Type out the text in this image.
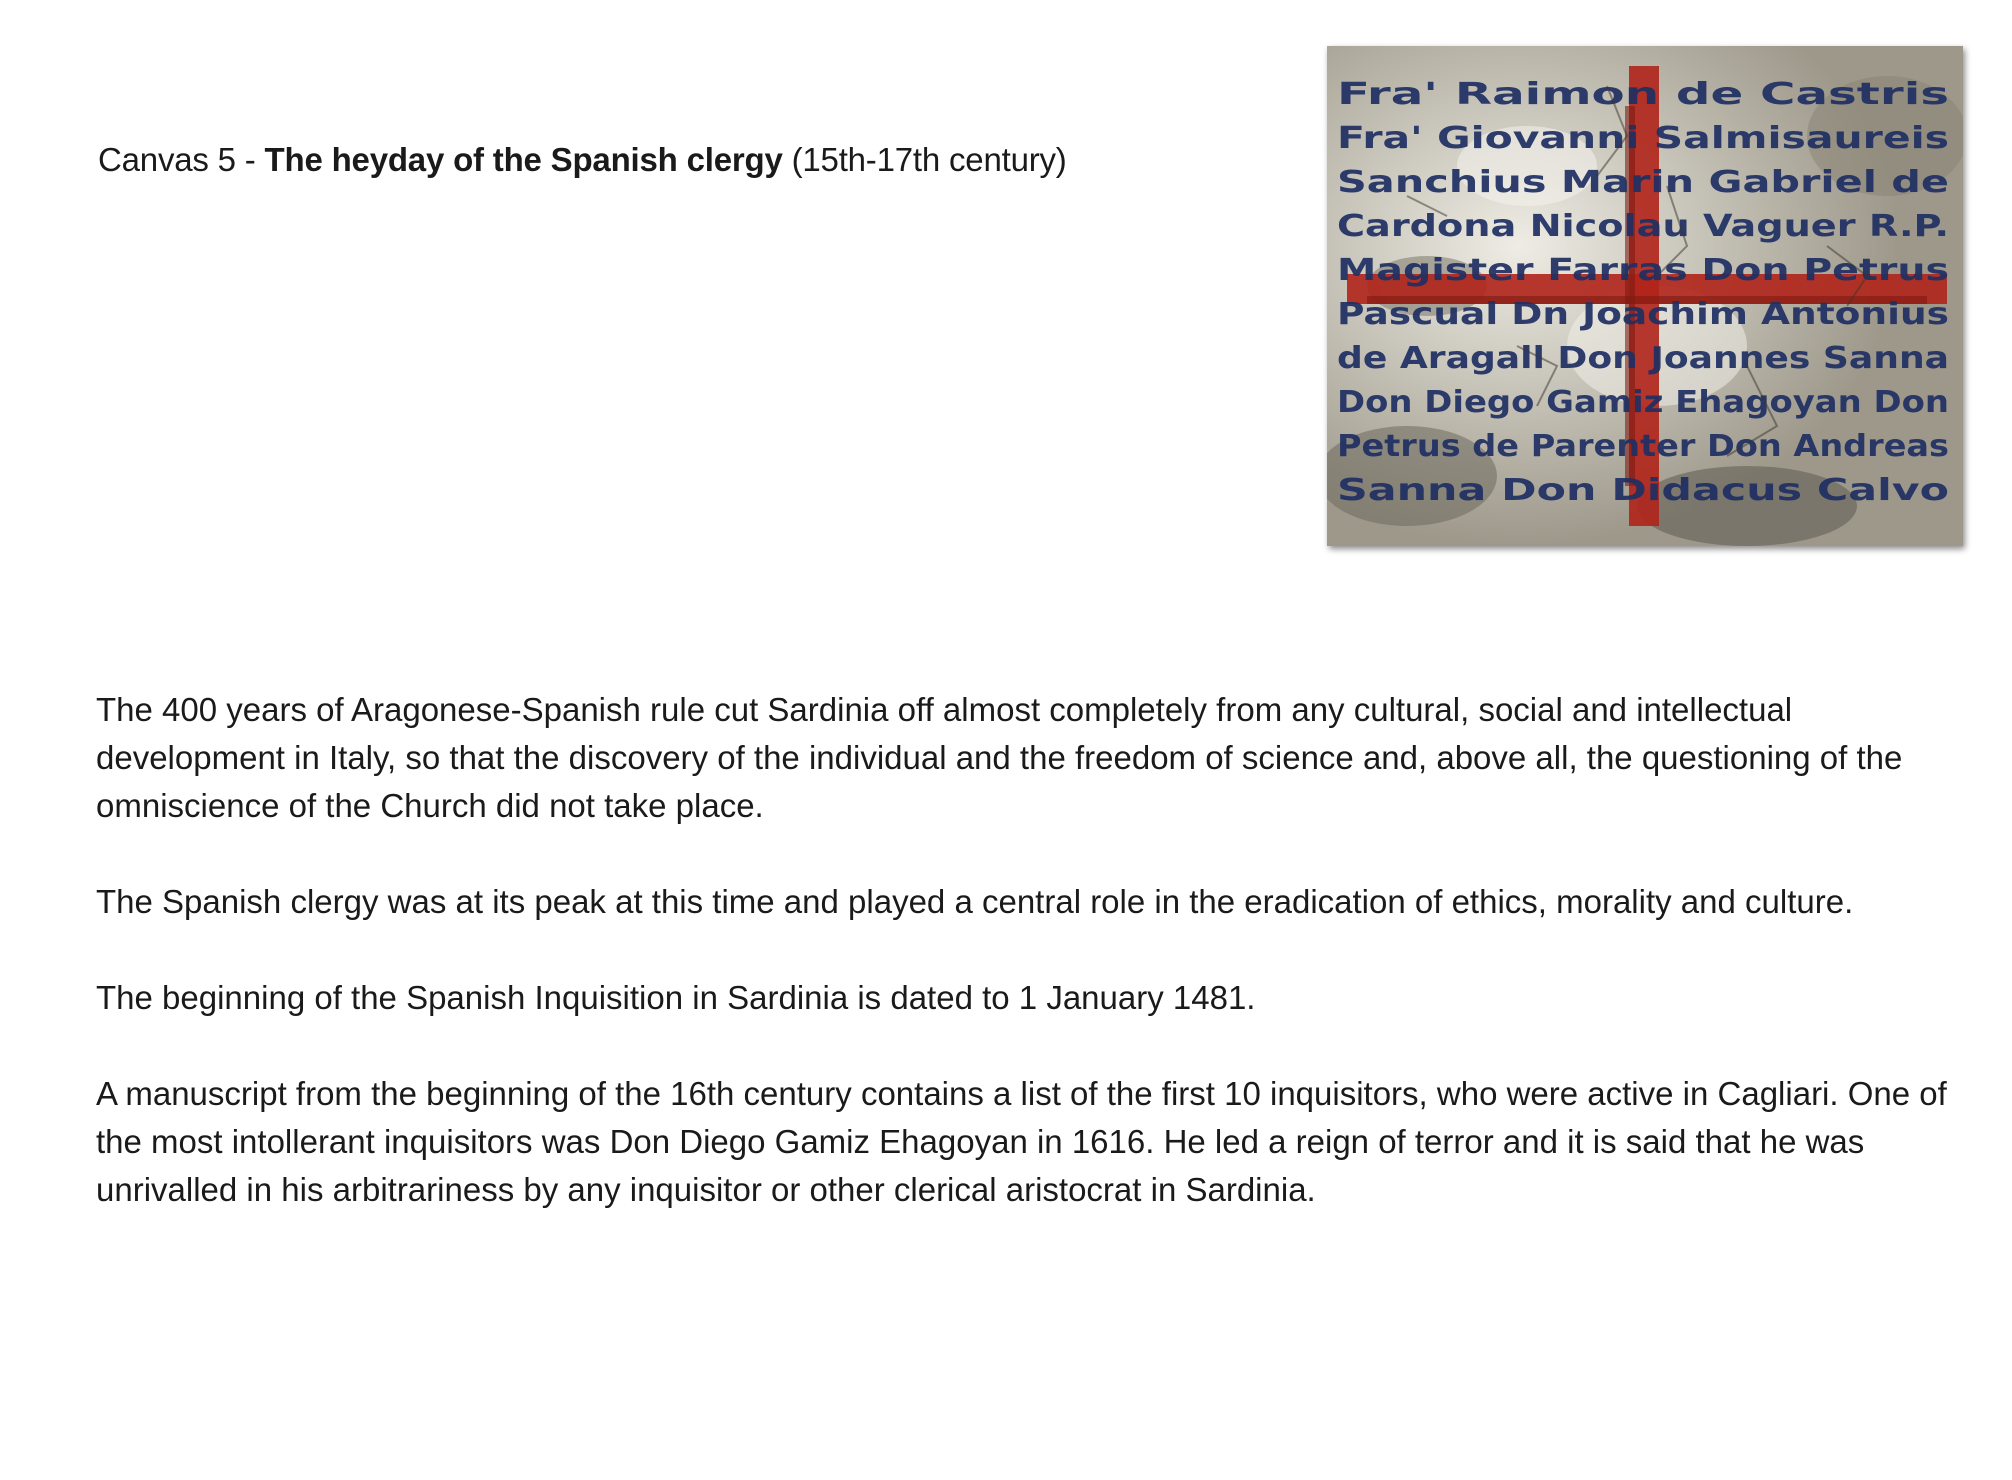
Canvas 5 - The heyday of the Spanish clergy (15th-17th century)
Fra' Raimon de Castris
Fra' Giovanni Salmisaureis
Sanchius Marin Gabriel de
Cardona Nicolau Vaguer R.P.
Magister Farras Don Petrus
Pascual Dn Joachim Antonius
de Aragall Don Joannes Sanna
Don Diego Gamiz Ehagoyan Don
Petrus de Parenter Don Andreas
Sanna Don Didacus Calvo

The 400 years of Aragonese-Spanish rule cut Sardinia off almost completely from any cultural, social and intellectual development in Italy, so that the discovery of the individual and the freedom of science and, above all, the questioning of the omniscience of the Church did not take place.

The Spanish clergy was at its peak at this time and played a central role in the eradication of ethics, morality and culture.

The beginning of the Spanish Inquisition in Sardinia is dated to 1 January 1481.

A manuscript from the beginning of the 16th century contains a list of the first 10 inquisitors, who were active in Cagliari. One of the most intollerant inquisitors was Don Diego Gamiz Ehagoyan in 1616. He led a reign of terror and it is said that he was unrivalled in his arbitrariness by any inquisitor or other clerical aristocrat in Sardinia.
